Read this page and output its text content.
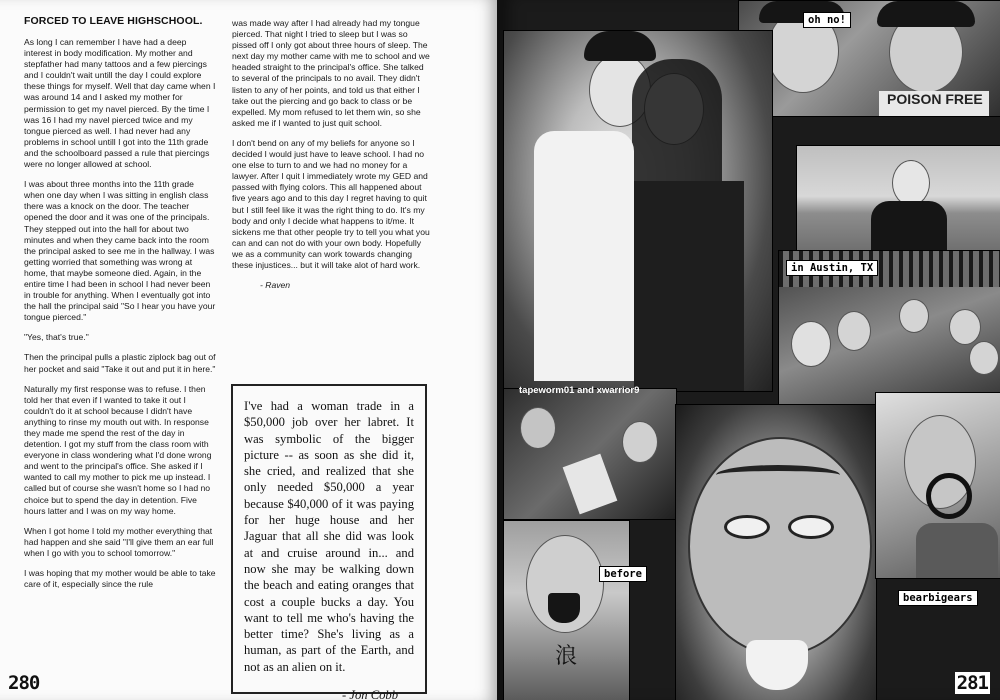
FORCED TO LEAVE HIGHSCHOOL.

As long I can remember I have had a deep interest in body modification. My mother and stepfather had many tattoos and a few piercings and I couldn't wait untill the day I could explore these things for myself. Well that day came when I was around 14 and I asked my mother for permission to get my navel pierced. By the time I was 16 I had my navel pierced twice and my tongue pierced as well. I had never had any problems in school untill I got into the 11th grade and the schoolboard passed a rule that piercings were no longer allowed at school.

I was about three months into the 11th grade when one day when I was sitting in english class there was a knock on the door. The teacher opened the door and it was one of the principals. They stepped out into the hall for about two minutes and when they came back into the room the principal asked to see me in the hallway. I was getting worried that something was wrong at home, that maybe someone died. Again, in the entire time I had been in school I had never been in trouble for anything. When I eventually got into the hall the principal said "So I hear you have your tongue pierced."

"Yes, that's true."

Then the principal pulls a plastic ziplock bag out of her pocket and said "Take it out and put it in here."

Naturally my first response was to refuse. I then told her that even if I wanted to take it out I couldn't do it at school because I didn't have anything to rinse my mouth out with. In response they made me spend the rest of the day in detention. I got my stuff from the class room with everyone in class wondering what I'd done wrong and went to the principal's office. She asked if I wanted to call my mother to pick me up instead. I called but of course she wasn't home so I had no choice but to spend the day in detention. Five hours latter and I was on my way home.

When I got home I told my mother everything that had happen and she said "I'll give them an ear full when I go with you to school tomorrow."

I was hoping that my mother would be able to take care of it, especially since the rule

was made way after I had already had my tongue pierced. That night I tried to sleep but I was so pissed off I only got about three hours of sleep. The next day my mother came with me to school and we headed straight to the principal's office. She talked to several of the principals to no avail. They didn't listen to any of her points, and told us that either I take out the piercing and go back to class or be expelled. My mom refused to let them win, so she asked me if I wanted to just quit school.

I don't bend on any of my beliefs for anyone so I decided I would just have to leave school. I had no one else to turn to and we had no money for a lawyer. After I quit I immediately wrote my GED and passed with flying colors. This all happened about five years ago and to this day I regret having to quit but I still feel like it was the right thing to do. It's my body and only I decide what happens to it/me. It sickens me that other people try to tell you what you can and can not do with your own body. Hopefully we as a community can work towards changing these injustices... but it will take alot of hard work.

- Raven

I've had a woman trade in a $50,000 job over her labret. It was symbolic of the bigger picture -- as soon as she did it, she cried, and realized that she only needed $50,000 a year because $40,000 of it was paying for her huge house and her Jaguar that all she did was look at and cruise around in... and now she may be walking down the beach and eating oranges that cost a couple bucks a day. You want to tell me who's having the better time? She's living as a human, as part of the Earth, and not as an alien on it.
- Jon Cobb
280
POISON FREE
浪
oh no!
in Austin, TX
tapeworm01 and xwarrior9
before
bearbigears
281
